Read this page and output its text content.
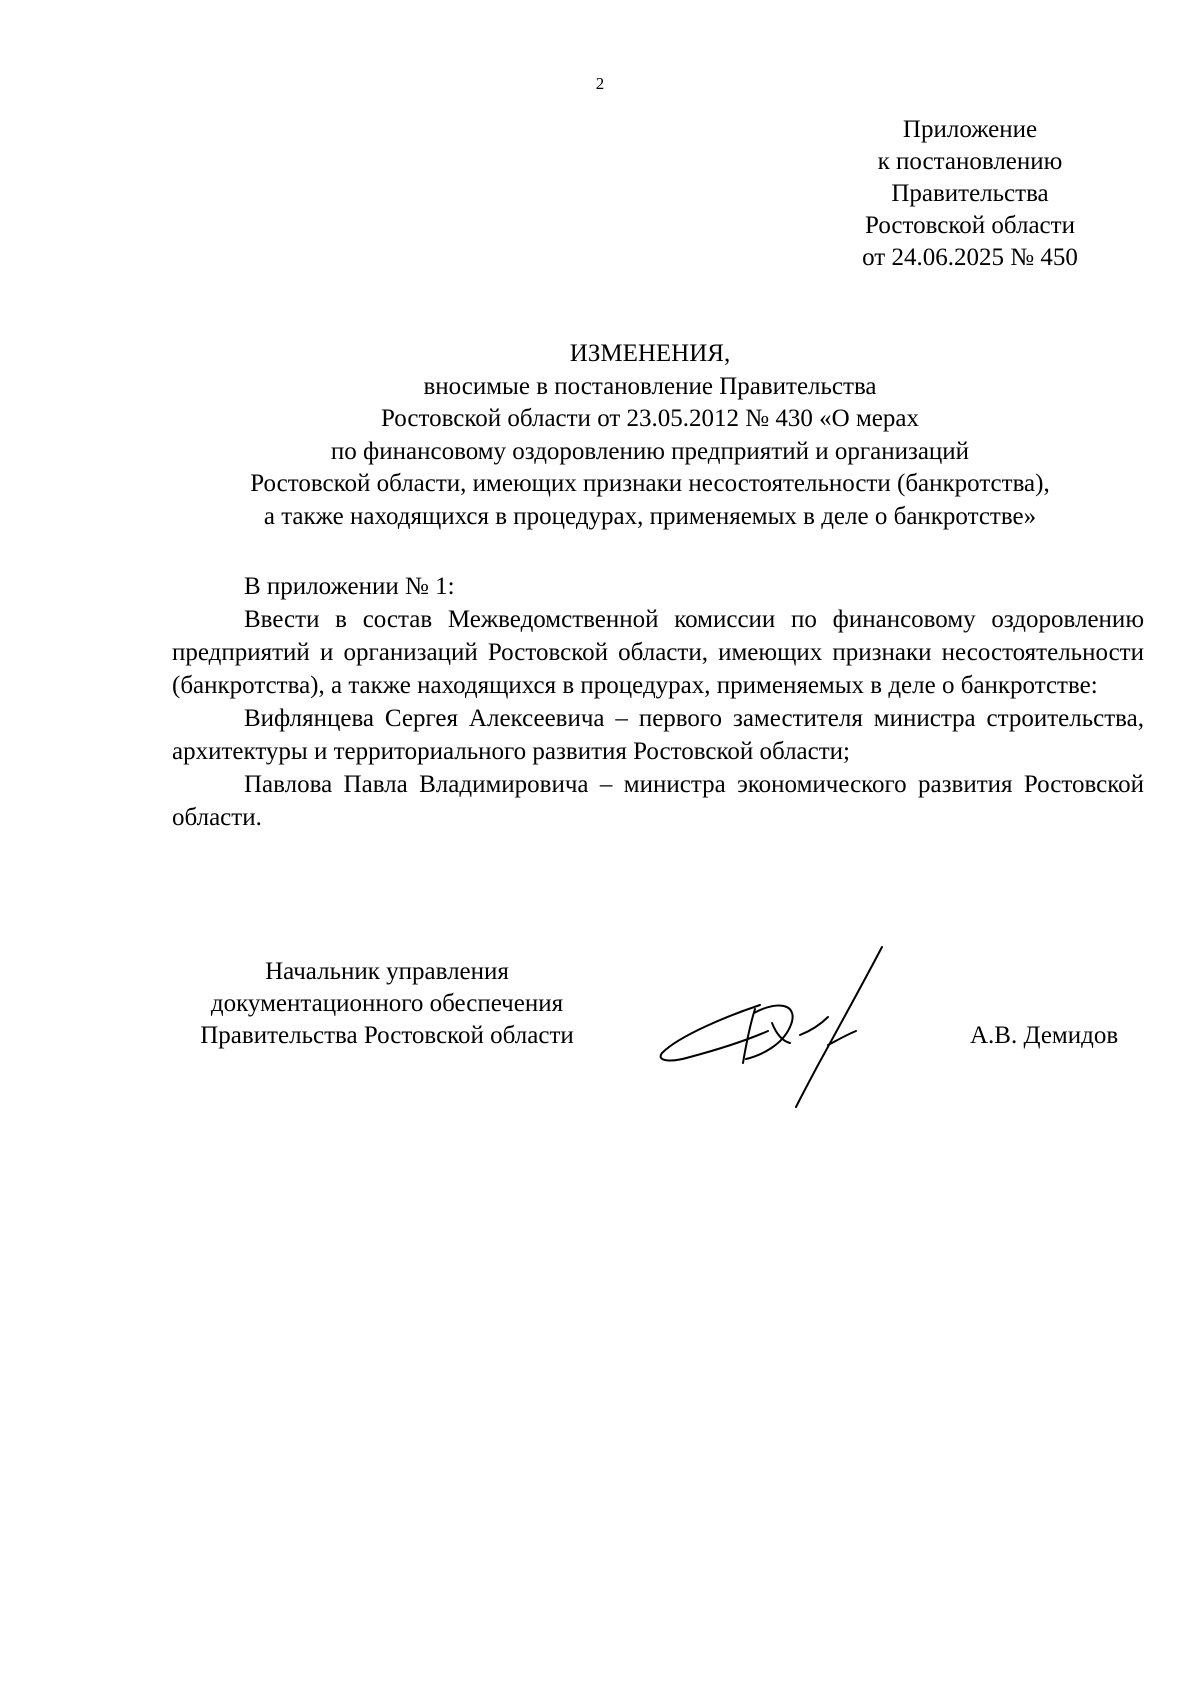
2
Приложение
к постановлению
Правительства
Ростовской области
от 24.06.2025 № 450
ИЗМЕНЕНИЯ,
вносимые в постановление Правительства
Ростовской области от 23.05.2012 № 430 «О мерах
по финансовому оздоровлению предприятий и организаций
Ростовской области, имеющих признаки несостоятельности (банкротства),
а также находящихся в процедурах, применяемых в деле о банкротстве»

В приложении № 1:

Ввести в состав Межведомственной комиссии по финансовому оздоровлению предприятий и организаций Ростовской области, имеющих признаки несостоятельности (банкротства), а также находящихся в процедурах, применяемых в деле о банкротстве:

Вифлянцева Сергея Алексеевича – первого заместителя министра строительства, архитектуры и территориального развития Ростовской области;

Павлова Павла Владимировича – министра экономического развития Ростовской области.

Начальник управления
документационного обеспечения
Правительства Ростовской области	А.В. Демидов
